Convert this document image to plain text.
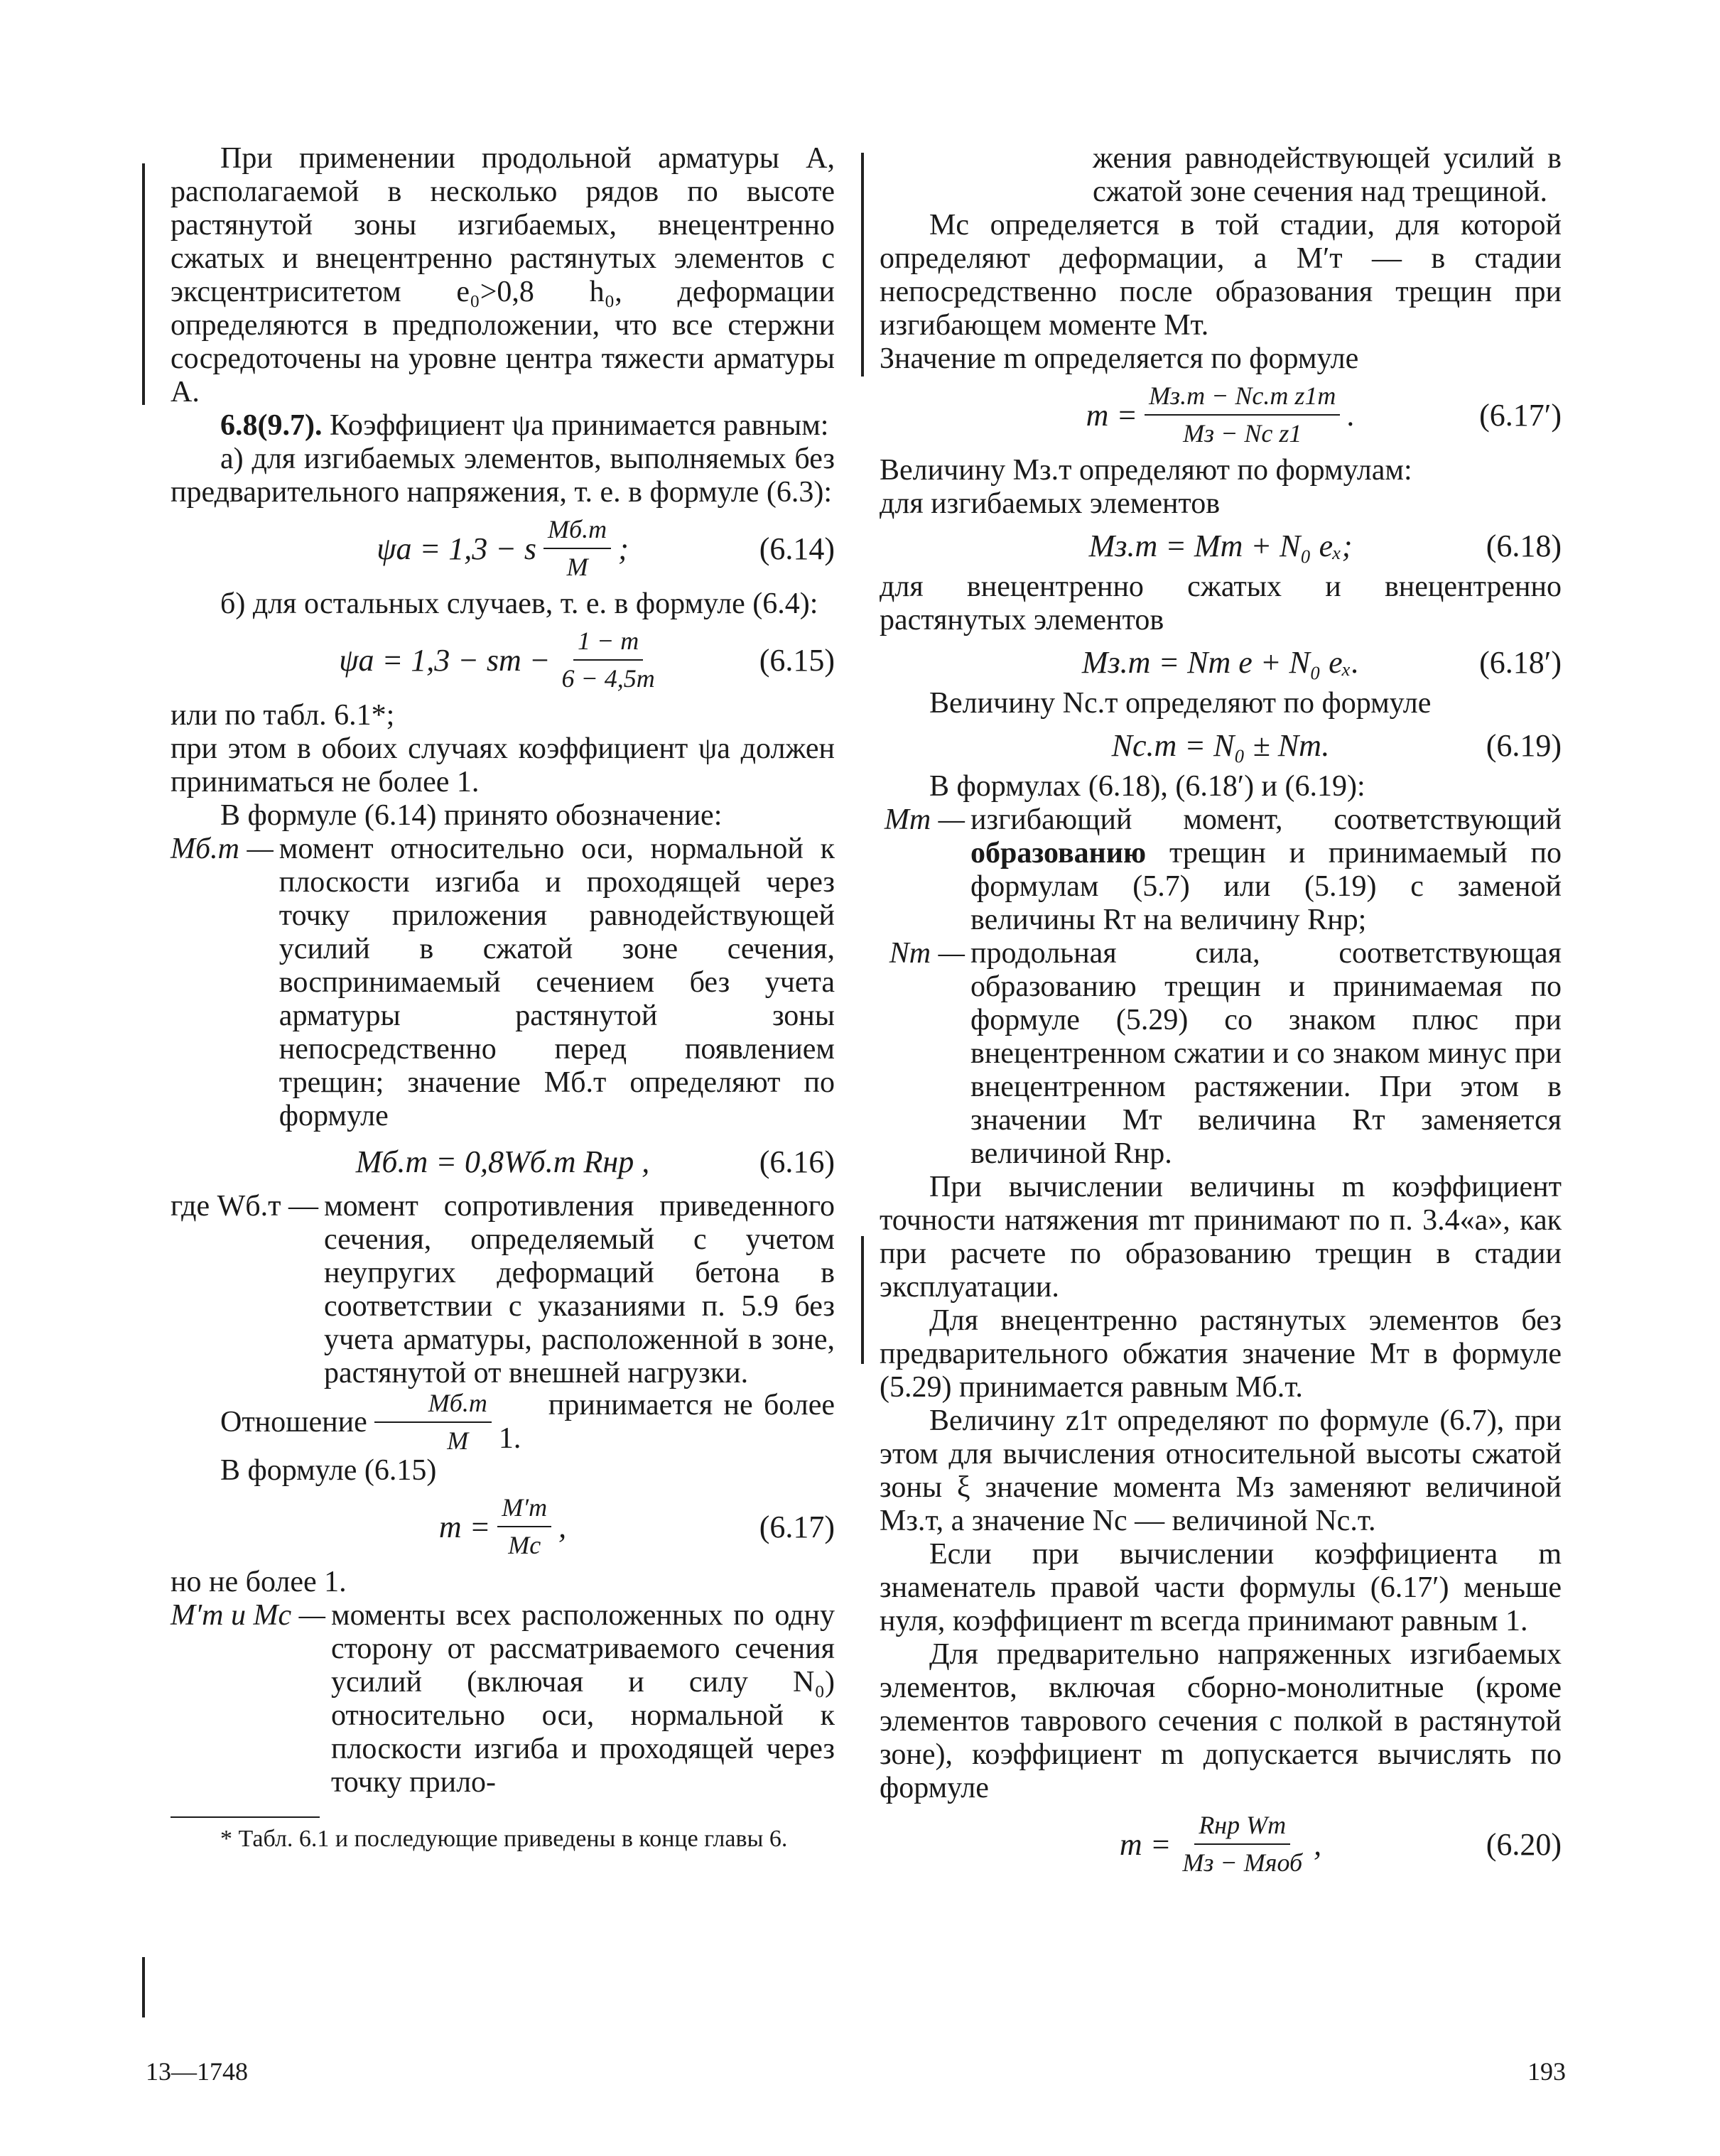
При применении продольной арматуры A, располагаемой в несколько рядов по высоте растянутой зоны изгибаемых, внецентренно сжатых и внецентренно растянутых элементов с эксцентриситетом e₀>0,8 h₀, деформации определяются в предположении, что все стержни сосредоточены на уровне центра тяжести арматуры A.

6.8(9.7). Коэффициент ψа принимается равным:

а) для изгибаемых элементов, выполняемых без предварительного напряжения, т. е. в формуле (6.3):

ψа = 1,3 − s $\frac{Mб.т}{M}$ ;	(6.14)

б) для остальных случаев, т. е. в формуле (6.4):

ψа = 1,3 − sm − $\frac{1 - m}{6 - 4,5m}$	(6.15)

или по табл. 6.1*;

при этом в обоих случаях коэффициент ψа должен приниматься не более 1.

В формуле (6.14) принято обозначение:

Mб.т — момент относительно оси, нормальной к плоскости изгиба и проходящей через точку приложения равнодействующей усилий в сжатой зоне сечения, воспринимаемый сечением без учета арматуры растянутой зоны непосредственно перед появлением трещин; значение Mб.т определяют по формуле
Mб.т = 0,8Wб.т Rнр ,	(6.16)
где Wб.т — момент сопротивления приведенного сечения, определяемый с учетом неупругих деформаций бетона в соответствии с указаниями п. 5.9 без учета арматуры, расположенной в зоне, растянутой от внешней нагрузки.

Отношение $\frac{Mб.т}{M}$	принимается не более 1.

В формуле (6.15)

$m = \frac{M'т}{Mс}$ ,	(6.17)

но не более 1.

M′т и Mс — моменты всех расположенных по одну сторону от рассматриваемого сечения усилий (включая и силу N₀) относительно оси, нормальной к плоскости изгиба и проходящей через точку прило-

* Табл. 6.1 и последующие приведены в конце главы 6.

жения равнодействующей усилий в сжатой зоне сечения над трещиной.

Mс определяется в той стадии, для которой определяют деформации, а M′т — в стадии непосредственно после образования трещин при изгибающем моменте Mт.

Значение m определяется по формуле

$m = \frac{\text{Mз.т − Nс.т z1т}}{\text{Mз − Nс z1}}$ .	(6.17′)

Величину Mз.т определяют по формулам:

для изгибаемых элементов

Mз.т = Mт + N₀ eₓ;	(6.18)

для внецентренно сжатых и внецентренно растянутых элементов

Mз.т = Nт e + N₀ eₓ.	(6.18′)

Величину Nс.т определяют по формуле

Nс.т = N₀ ± Nт.	(6.19)

В формулах (6.18), (6.18′) и (6.19):

Mт — изгибающий момент, соответствующий образованию трещин и принимаемый по формулам (5.7) или (5.19) с заменой величины Rт на величину Rнр;
Nт — продольная сила, соответствующая образованию трещин и принимаемая по формуле (5.29) со знаком плюс при внецентренном сжатии и со знаком минус при внецентренном растяжении. При этом в значении Mт величина Rт заменяется величиной Rнр.

При вычислении величины m коэффициент точности натяжения mт принимают по п. 3.4«а», как при расчете по образованию трещин в стадии эксплуатации.

Для внецентренно растянутых элементов без предварительного обжатия значение Mт в формуле (5.29) принимается равным Mб.т.

Величину z1т определяют по формуле (6.7), при этом для вычисления относительной высоты сжатой зоны ξ значение момента Mз заменяют величиной Mз.т, а значение Nс — величиной Nс.т.

Если при вычислении коэффициента m знаменатель правой части формулы (6.17′) меньше нуля, коэффициент m всегда принимают равным 1.

Для предварительно напряженных изгибаемых элементов, включая сборно-монолитные (кроме элементов таврового сечения с полкой в растянутой зоне), коэффициент m допускается вычислять по формуле

$m = \frac{\text{Rнр Wт}}{\text{Mз − Mяоб}}$ ,	(6.20)
13—1748	193
